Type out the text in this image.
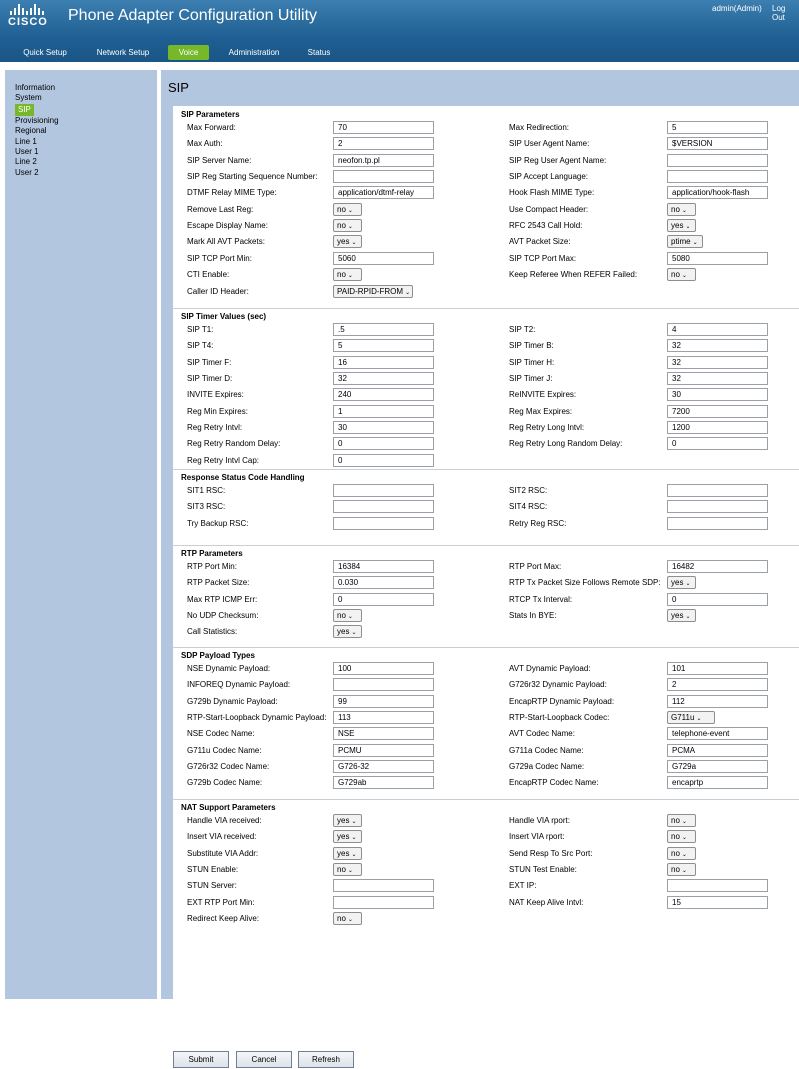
CISCO	Phone Adapter Configuration Utility	admin(Admin) Log Out
Quick Setup	Network Setup	Voice	Administration	Status
Information
System
SIP
Provisioning
Regional
Line 1
User 1
Line 2
User 2
SIP
SIP Parameters
Max Forward:	70	Max Redirection:	5
Max Auth:	2	SIP User Agent Name:	$VERSION
SIP Server Name:	neofon.tp.pl	SIP Reg User Agent Name:
SIP Reg Starting Sequence Number:	SIP Accept Language:
DTMF Relay MIME Type:	application/dtmf-relay	Hook Flash MIME Type:	application/hook-flash
Remove Last Reg:	no ⌄	Use Compact Header:	no ⌄
Escape Display Name:	no ⌄	RFC 2543 Call Hold:	yes ⌄
Mark All AVT Packets:	yes ⌄	AVT Packet Size:	ptime ⌄
SIP TCP Port Min:	5060	SIP TCP Port Max:	5080
CTI Enable:	no ⌄	Keep Referee When REFER Failed:	no ⌄
Caller ID Header:	PAID-RPID-FROM ⌄
SIP Timer Values (sec)
SIP T1:	.5	SIP T2:	4
SIP T4:	5	SIP Timer B:	32
SIP Timer F:	16	SIP Timer H:	32
SIP Timer D:	32	SIP Timer J:	32
INVITE Expires:	240	ReINVITE Expires:	30
Reg Min Expires:	1	Reg Max Expires:	7200
Reg Retry Intvl:	30	Reg Retry Long Intvl:	1200
Reg Retry Random Delay:	0	Reg Retry Long Random Delay:	0
Reg Retry Intvl Cap:	0
Response Status Code Handling
SIT1 RSC:	SIT2 RSC:
SIT3 RSC:	SIT4 RSC:
Try Backup RSC:	Retry Reg RSC:
RTP Parameters
RTP Port Min:	16384	RTP Port Max:	16482
RTP Packet Size:	0.030	RTP Tx Packet Size Follows Remote SDP:	yes ⌄
Max RTP ICMP Err:	0	RTCP Tx Interval:	0
No UDP Checksum:	no ⌄	Stats In BYE:	yes ⌄
Call Statistics:	yes ⌄
SDP Payload Types
NSE Dynamic Payload:	100	AVT Dynamic Payload:	101
INFOREQ Dynamic Payload:	G726r32 Dynamic Payload:	2
G729b Dynamic Payload:	99	EncapRTP Dynamic Payload:	112
RTP-Start-Loopback Dynamic Payload:	113	RTP-Start-Loopback Codec:	G711u ⌄
NSE Codec Name:	NSE	AVT Codec Name:	telephone-event
G711u Codec Name:	PCMU	G711a Codec Name:	PCMA
G726r32 Codec Name:	G726-32	G729a Codec Name:	G729a
G729b Codec Name:	G729ab	EncapRTP Codec Name:	encaprtp
NAT Support Parameters
Handle VIA received:	yes ⌄	Handle VIA rport:	no ⌄
Insert VIA received:	yes ⌄	Insert VIA rport:	no ⌄
Substitute VIA Addr:	yes ⌄	Send Resp To Src Port:	no ⌄
STUN Enable:	no ⌄	STUN Test Enable:	no ⌄
STUN Server:	EXT IP:
EXT RTP Port Min:	NAT Keep Alive Intvl:	15
Redirect Keep Alive:	no ⌄
Submit	Cancel	Refresh
